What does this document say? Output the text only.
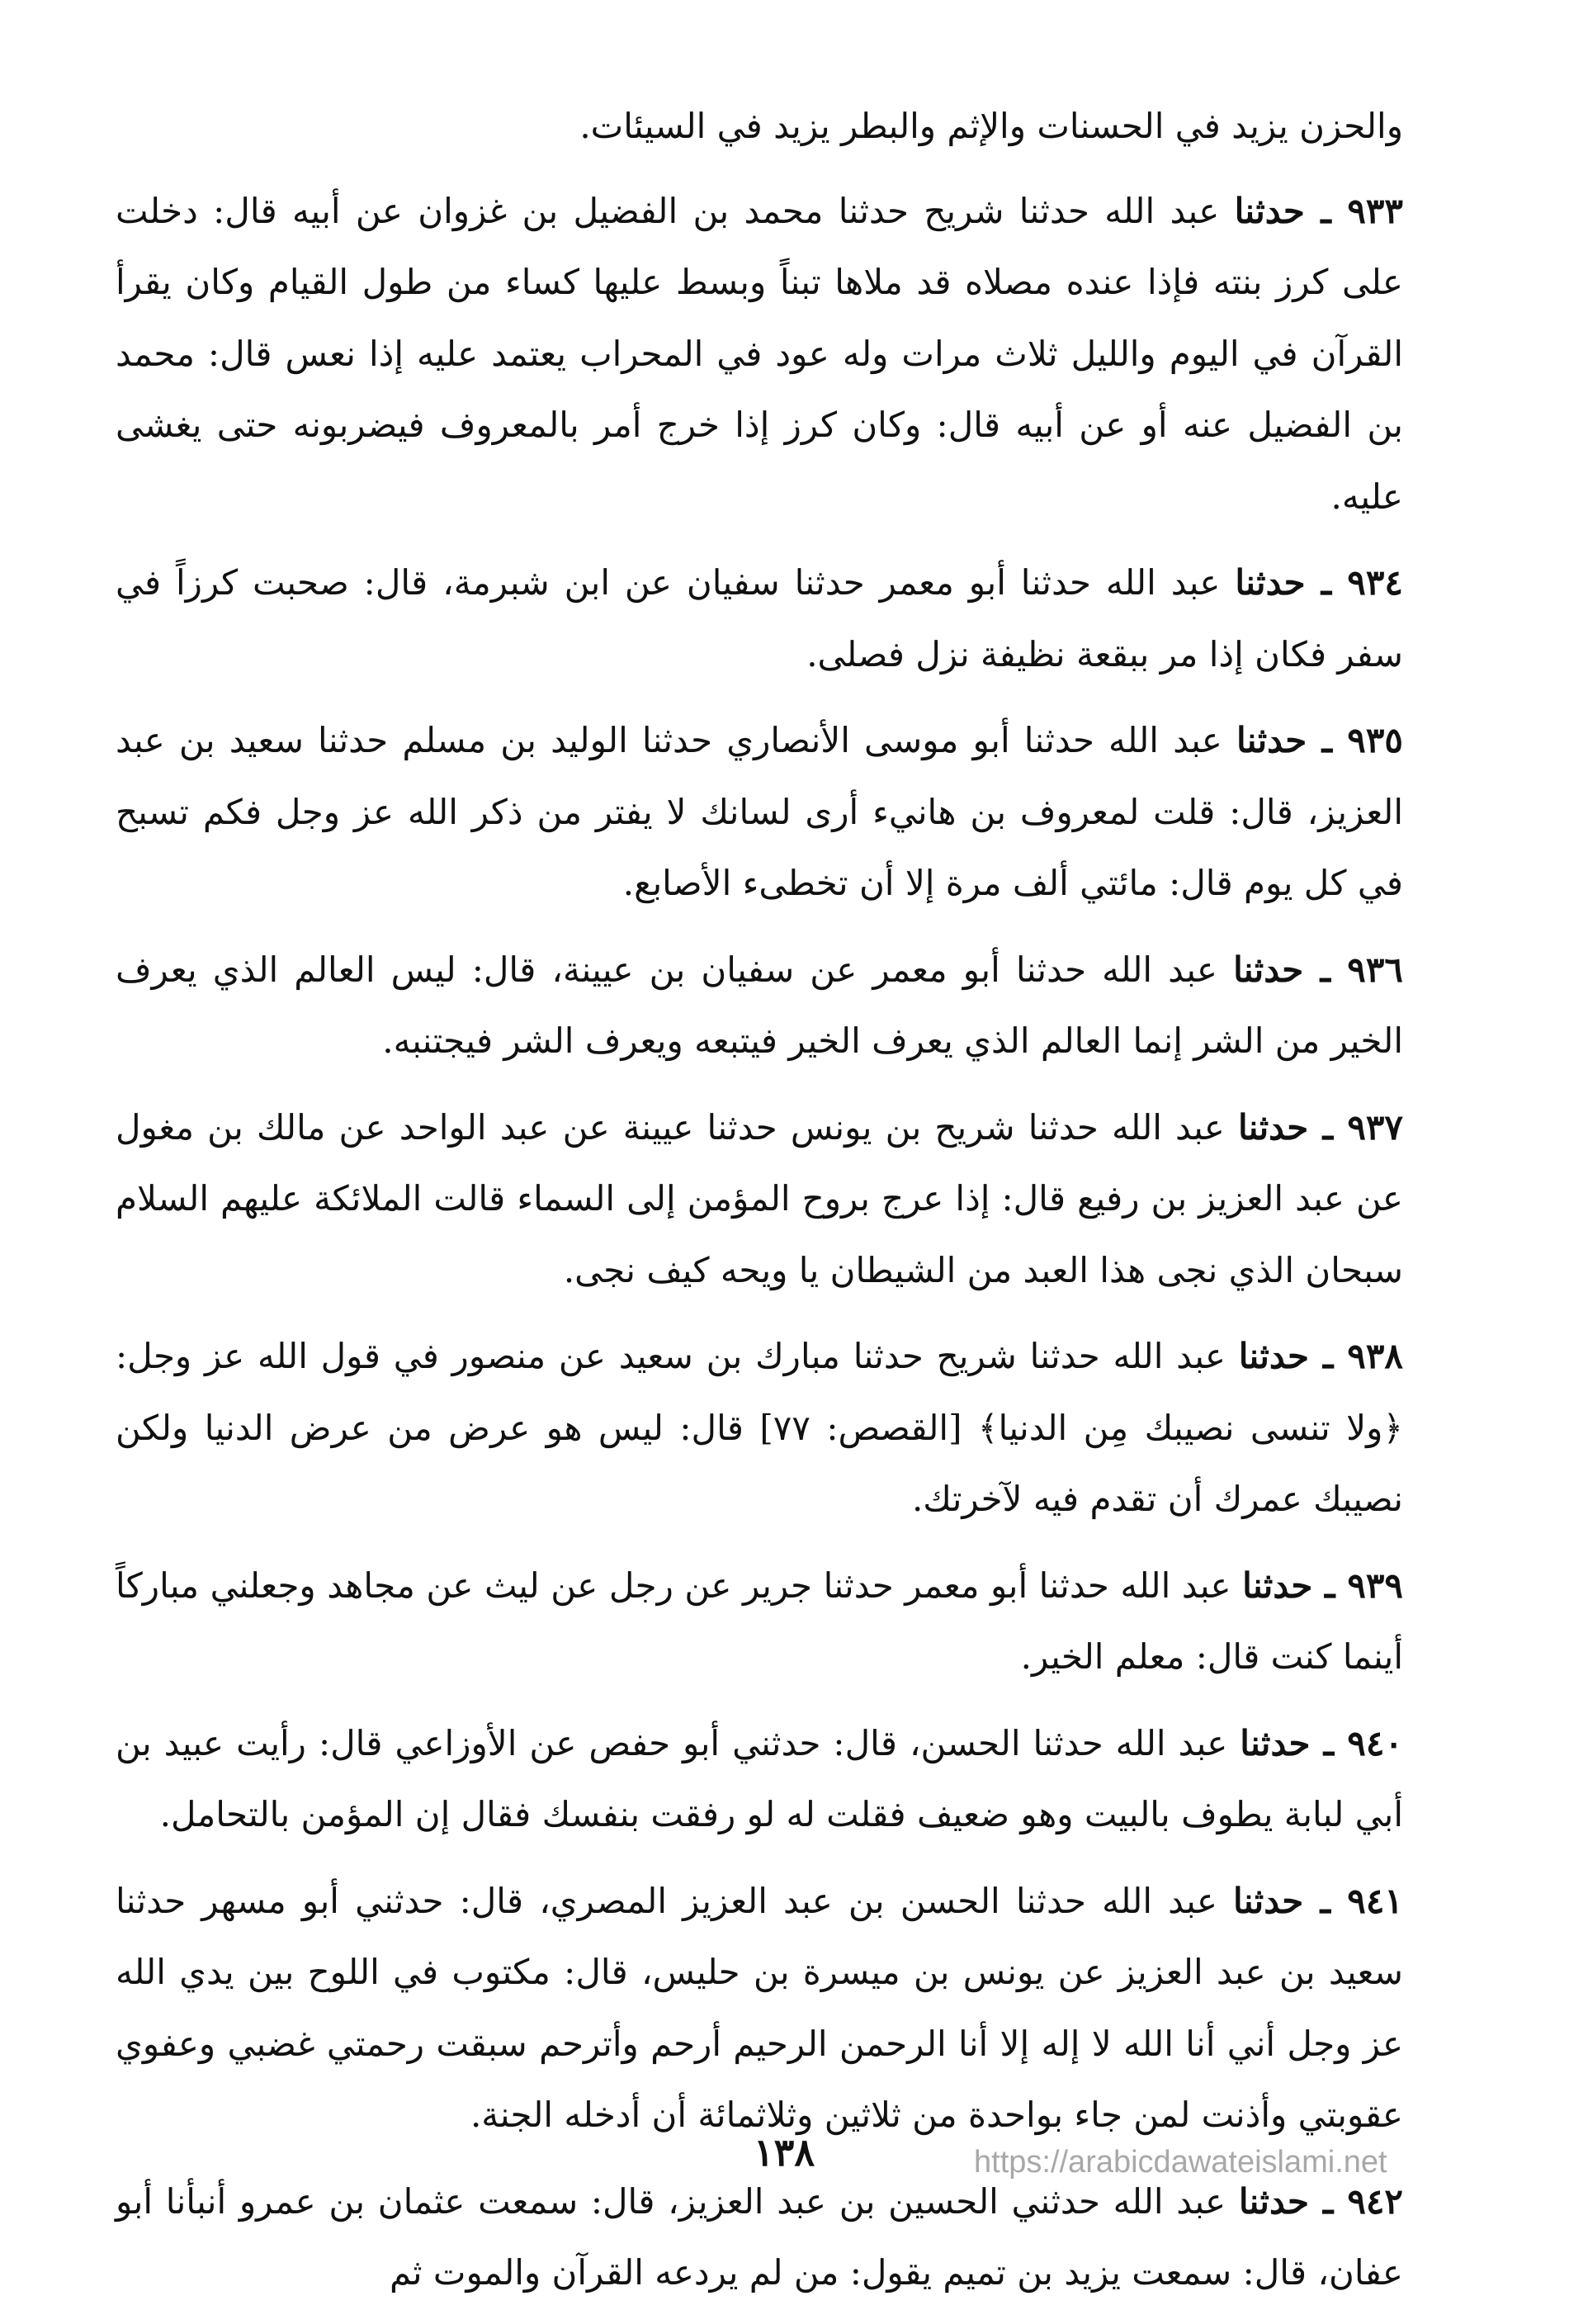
والحزن يزيد في الحسنات والإثم والبطر يزيد في السيئات.

٩٣٣ ـ حدثنا عبد الله حدثنا شريح حدثنا محمد بن الفضيل بن غزوان عن أبيه قال: دخلت على كرز بنته فإذا عنده مصلاه قد ملاها تبناً وبسط عليها كساء من طول القيام وكان يقرأ القرآن في اليوم والليل ثلاث مرات وله عود في المحراب يعتمد عليه إذا نعس قال: محمد بن الفضيل عنه أو عن أبيه قال: وكان كرز إذا خرج أمر بالمعروف فيضربونه حتى يغشى عليه.

٩٣٤ ـ حدثنا عبد الله حدثنا أبو معمر حدثنا سفيان عن ابن شبرمة، قال: صحبت كرزاً في سفر فكان إذا مر ببقعة نظيفة نزل فصلى.

٩٣٥ ـ حدثنا عبد الله حدثنا أبو موسى الأنصاري حدثنا الوليد بن مسلم حدثنا سعيد بن عبد العزيز، قال: قلت لمعروف بن هانيء أرى لسانك لا يفتر من ذكر الله عز وجل فكم تسبح في كل يوم قال: مائتي ألف مرة إلا أن تخطىء الأصابع.

٩٣٦ ـ حدثنا عبد الله حدثنا أبو معمر عن سفيان بن عيينة، قال: ليس العالم الذي يعرف الخير من الشر إنما العالم الذي يعرف الخير فيتبعه ويعرف الشر فيجتنبه.

٩٣٧ ـ حدثنا عبد الله حدثنا شريح بن يونس حدثنا عيينة عن عبد الواحد عن مالك بن مغول عن عبد العزيز بن رفيع قال: إذا عرج بروح المؤمن إلى السماء قالت الملائكة عليهم السلام سبحان الذي نجى هذا العبد من الشيطان يا ويحه كيف نجى.

٩٣٨ ـ حدثنا عبد الله حدثنا شريح حدثنا مبارك بن سعيد عن منصور في قول الله عز وجل: ﴿ولا تنسى نصيبك مِن الدنيا﴾ [القصص: ٧٧] قال: ليس هو عرض من عرض الدنيا ولكن نصيبك عمرك أن تقدم فيه لآخرتك.

٩٣٩ ـ حدثنا عبد الله حدثنا أبو معمر حدثنا جرير عن رجل عن ليث عن مجاهد وجعلني مباركاً أينما كنت قال: معلم الخير.

٩٤٠ ـ حدثنا عبد الله حدثنا الحسن، قال: حدثني أبو حفص عن الأوزاعي قال: رأيت عبيد بن أبي لبابة يطوف بالبيت وهو ضعيف فقلت له لو رفقت بنفسك فقال إن المؤمن بالتحامل.

٩٤١ ـ حدثنا عبد الله حدثنا الحسن بن عبد العزيز المصري، قال: حدثني أبو مسهر حدثنا سعيد بن عبد العزيز عن يونس بن ميسرة بن حليس، قال: مكتوب في اللوح بين يدي الله عز وجل أني أنا الله لا إله إلا أنا الرحمن الرحيم أرحم وأترحم سبقت رحمتي غضبي وعفوي عقوبتي وأذنت لمن جاء بواحدة من ثلاثين وثلاثمائة أن أدخله الجنة.

٩٤٢ ـ حدثنا عبد الله حدثني الحسين بن عبد العزيز، قال: سمعت عثمان بن عمرو أنبأنا أبو عفان، قال: سمعت يزيد بن تميم يقول: من لم يردعه القرآن والموت ثم

١٣٨	https://arabicdawateislami.net
